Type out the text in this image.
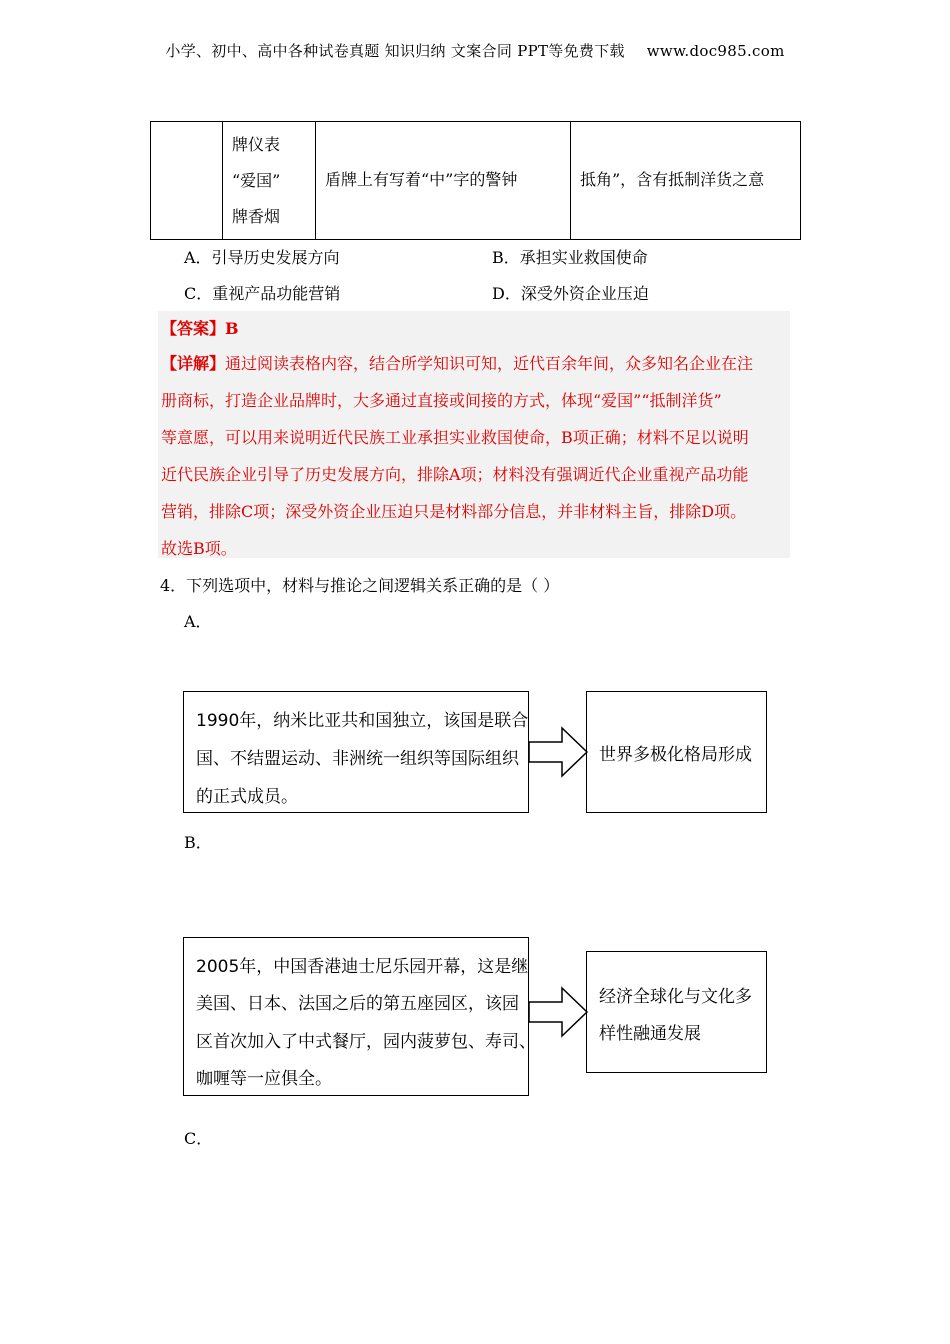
小学、初中、高中各种试卷真题 知识归纳 文案合同 PPT等免费下载 www.doc985.com
牌仪表
“爱国”
牌香烟
盾牌上有写着“中”字的警钟	抵角”，含有抵制洋货之意
A．引导历史发展方向	B．承担实业救国使命
C．重视产品功能营销	D．深受外资企业压迫
【答案】B
【详解】通过阅读表格内容，结合所学知识可知，近代百余年间，众多知名企业在注
册商标，打造企业品牌时，大多通过直接或间接的方式，体现“爱国”“抵制洋货”
等意愿，可以用来说明近代民族工业承担实业救国使命，B项正确；材料不足以说明
近代民族企业引导了历史发展方向，排除A项；材料没有强调近代企业重视产品功能
营销，排除C项；深受外资企业压迫只是材料部分信息，并非材料主旨，排除D项。
故选B项。
4．下列选项中，材料与推论之间逻辑关系正确的是（ ）
A．
1990年，纳米比亚共和国独立，该国是联合
国、不结盟运动、非洲统一组织等国际组织
的正式成员。
世界多极化格局形成
B．
2005年，中国香港迪士尼乐园开幕，这是继
美国、日本、法国之后的第五座园区，该园
区首次加入了中式餐厅，园内菠萝包、寿司、
咖喱等一应俱全。
经济全球化与文化多
样性融通发展
C．
